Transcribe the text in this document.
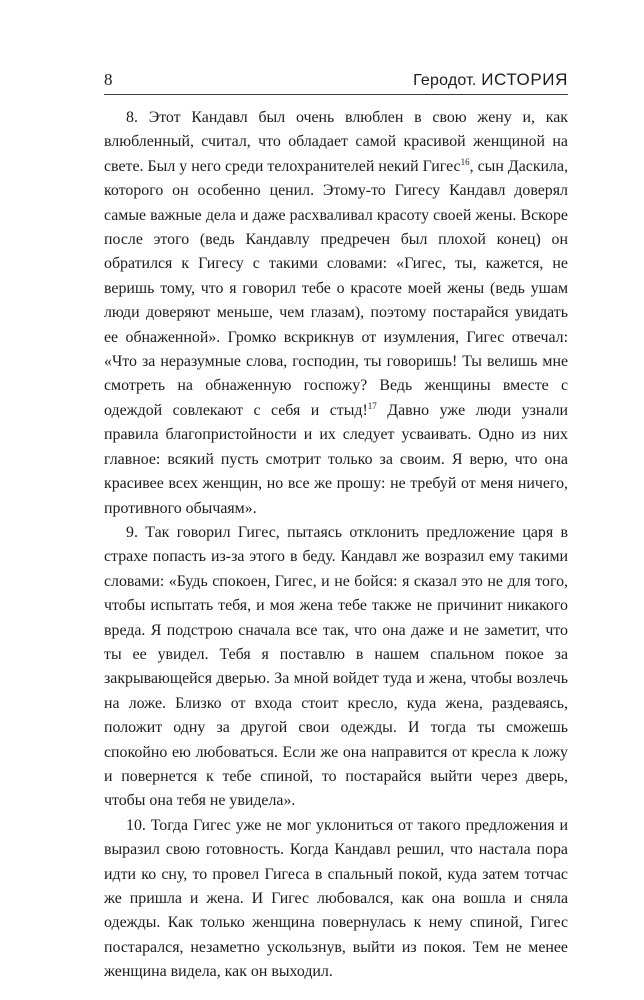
8	Геродот. ИСТОРИЯ

8. Этот Кандавл был очень влюблен в свою жену и, как влюбленный, считал, что обладает самой красивой женщиной на свете. Был у него среди телохранителей некий Гигес$^{16}$, сын Даскила, которого он особенно ценил. Этому-то Гигесу Кандавл доверял самые важные дела и даже расхваливал красоту своей жены. Вскоре после этого (ведь Кандавлу предречен был плохой конец) он обратился к Гигесу с такими словами: «Гигес, ты, кажется, не веришь тому, что я говорил тебе о красоте моей жены (ведь ушам люди доверяют меньше, чем глазам), поэтому постарайся увидать ее обнаженной». Громко вскрикнув от изумления, Гигес отвечал: «Что за неразумные слова, господин, ты говоришь! Ты велишь мне смотреть на обнаженную госпожу? Ведь женщины вместе с одеждой совлекают с себя и стыд!$^{17}$ Давно уже люди узнали правила благопристойности и их следует усваивать. Одно из них главное: всякий пусть смотрит только за своим. Я верю, что она красивее всех женщин, но все же прошу: не требуй от меня ничего, противного обычаям».

9. Так говорил Гигес, пытаясь отклонить предложение царя в страхе попасть из-за этого в беду. Кандавл же возразил ему такими словами: «Будь спокоен, Гигес, и не бойся: я сказал это не для того, чтобы испытать тебя, и моя жена тебе также не причинит никакого вреда. Я подстрою сначала все так, что она даже и не заметит, что ты ее увидел. Тебя я поставлю в нашем спальном покое за закрывающейся дверью. За мной войдет туда и жена, чтобы возлечь на ложе. Близко от входа стоит кресло, куда жена, раздеваясь, положит одну за другой свои одежды. И тогда ты сможешь спокойно ею любоваться. Если же она направится от кресла к ложу и повернется к тебе спиной, то постарайся выйти через дверь, чтобы она тебя не увидела».

10. Тогда Гигес уже не мог уклониться от такого предложения и выразил свою готовность. Когда Кандавл решил, что настала пора идти ко сну, то провел Гигеса в спальный покой, куда затем тотчас же пришла и жена. И Гигес любовался, как она вошла и сняла одежды. Как только женщина повернулась к нему спиной, Гигес постарался, незаметно ускользнув, выйти из покоя. Тем не менее женщина видела, как он выходил.
